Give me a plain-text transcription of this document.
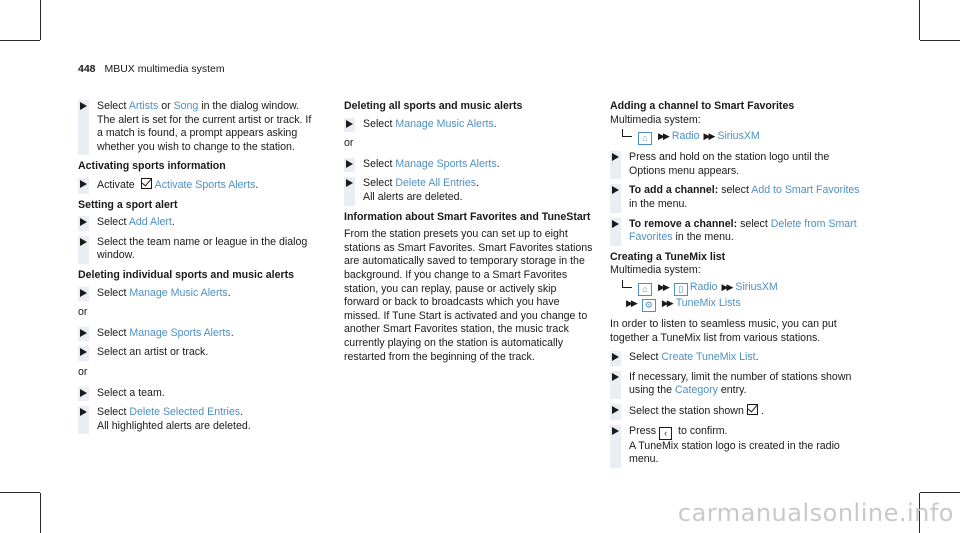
448 MBUX multimedia system
Select Artists or Song in the dialog window. The alert is set for the current artist or track. If a match is found, a prompt appears asking whether you wish to change to the station.
Activating sports information
Activate Activate Sports Alerts.
Setting a sport alert
Select Add Alert.
Select the team name or league in the dialog window.
Deleting individual sports and music alerts
Select Manage Music Alerts.
or
Select Manage Sports Alerts.
Select an artist or track.
or
Select a team.
Select Delete Selected Entries.
All highlighted alerts are deleted.
Deleting all sports and music alerts
Select Manage Music Alerts.
or
Select Manage Sports Alerts.
Select Delete All Entries.
All alerts are deleted.
Information about Smart Favorites and TuneStart
From the station presets you can set up to eight stations as Smart Favorites. Smart Favorites stations are automatically saved to temporary storage in the background. If you change to a Smart Favorites station, you can replay, pause or actively skip forward or back to broadcasts which you have missed. If Tune Start is activated and you change to another Smart Favorites station, the music track currently playing on the station is automatically restarted from the beginning of the track.
Adding a channel to Smart Favorites
Multimedia system:
⌂ ▶▶ Radio ▶▶ SiriusXM
Press and hold on the station logo until the Options menu appears.
To add a channel: select Add to Smart Favorites in the menu.
To remove a channel: select Delete from Smart Favorites in the menu.
Creating a TuneMix list
Multimedia system:
⌂ ▶▶ ▯ Radio ▶▶ SiriusXM
▶▶ ⚙ ▶▶ TuneMix Lists
In order to listen to seamless music, you can put together a TuneMix list from various stations.
Select Create TuneMix List.
If necessary, limit the number of stations shown using the Category entry.
Select the station shown .
Press ‹ to confirm.
A TuneMix station logo is created in the radio menu.
carmanualsonline.info
